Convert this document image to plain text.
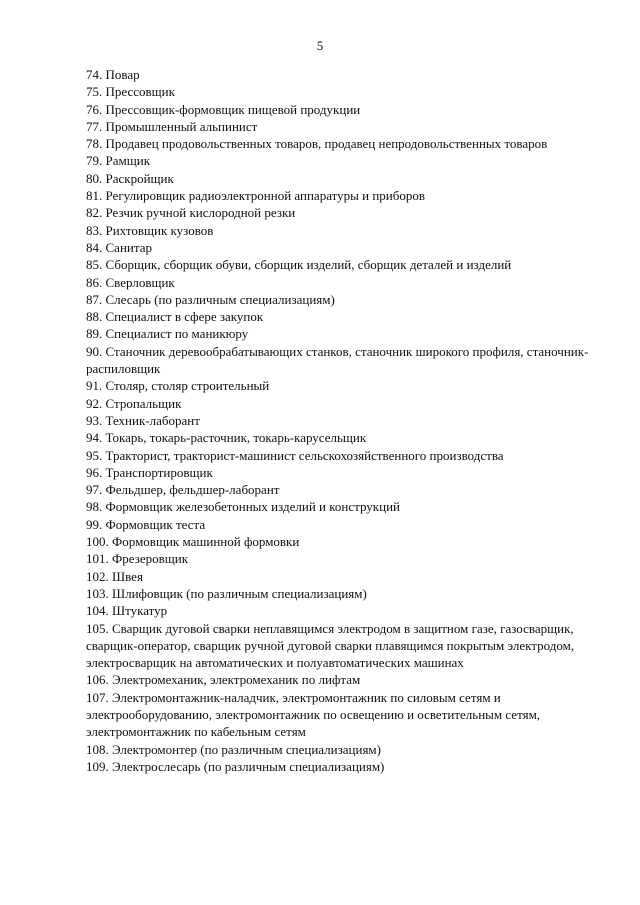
5
74. Повар
75. Прессовщик
76. Прессовщик-формовщик пищевой продукции
77. Промышленный альпинист
78. Продавец продовольственных товаров, продавец непродовольственных товаров
79. Рамщик
80. Раскройщик
81. Регулировщик радиоэлектронной аппаратуры и приборов
82. Резчик ручной кислородной резки
83. Рихтовщик кузовов
84. Санитар
85. Сборщик, сборщик обуви, сборщик изделий, сборщик деталей и изделий
86. Сверловщик
87. Слесарь (по различным специализациям)
88. Специалист в сфере закупок
89. Специалист по маникюру
90. Станочник деревообрабатывающих станков, станочник широкого профиля, станочник-распиловщик
91. Столяр, столяр строительный
92. Стропальщик
93. Техник-лаборант
94. Токарь, токарь-расточник, токарь-карусельщик
95. Тракторист, тракторист-машинист сельскохозяйственного производства
96. Транспортировщик
97. Фельдшер, фельдшер-лаборант
98. Формовщик железобетонных изделий и конструкций
99. Формовщик теста
100. Формовщик машинной формовки
101. Фрезеровщик
102. Швея
103. Шлифовщик (по различным специализациям)
104. Штукатур
105. Сварщик дуговой сварки неплавящимся электродом в защитном газе, газосварщик, сварщик-оператор, сварщик ручной дуговой сварки плавящимся покрытым электродом, электросварщик на автоматических и полуавтоматических машинах
106. Электромеханик, электромеханик по лифтам
107. Электромонтажник-наладчик, электромонтажник по силовым сетям и электрооборудованию, электромонтажник по освещению и осветительным сетям, электромонтажник по кабельным сетям
108. Электромонтер (по различным специализациям)
109. Электрослесарь (по различным специализациям)
